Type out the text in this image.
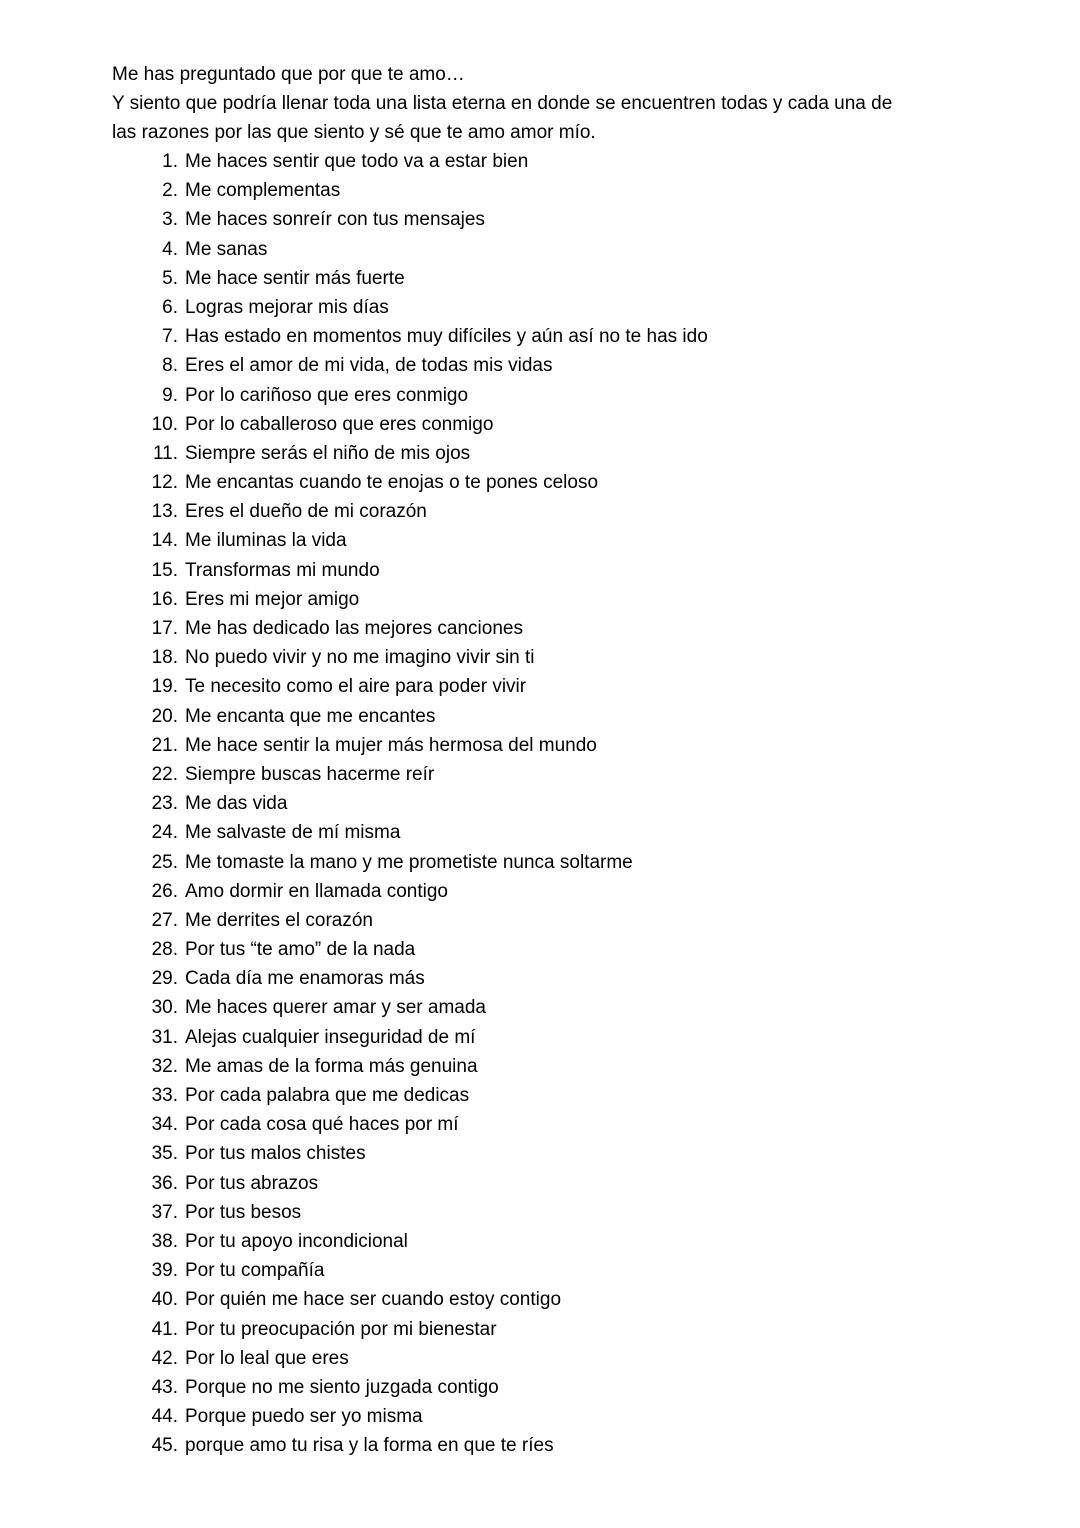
Me has preguntado que por que te amo…

Y siento que podría llenar toda una lista eterna en donde se encuentren todas y cada una de

las razones por las que siento y sé que te amo amor mío.

1. Me haces sentir que todo va a estar bien
2. Me complementas
3. Me haces sonreír con tus mensajes
4. Me sanas
5. Me hace sentir más fuerte
6. Logras mejorar mis días
7. Has estado en momentos muy difíciles y aún así no te has ido
8. Eres el amor de mi vida, de todas mis vidas
9. Por lo cariñoso que eres conmigo
10. Por lo caballeroso que eres conmigo
11. Siempre serás el niño de mis ojos
12. Me encantas cuando te enojas o te pones celoso
13. Eres el dueño de mi corazón
14. Me iluminas la vida
15. Transformas mi mundo
16. Eres mi mejor amigo
17. Me has dedicado las mejores canciones
18. No puedo vivir y no me imagino vivir sin ti
19. Te necesito como el aire para poder vivir
20. Me encanta que me encantes
21. Me hace sentir la mujer más hermosa del mundo
22. Siempre buscas hacerme reír
23. Me das vida
24. Me salvaste de mí misma
25. Me tomaste la mano y me prometiste nunca soltarme
26. Amo dormir en llamada contigo
27. Me derrites el corazón
28. Por tus “te amo” de la nada
29. Cada día me enamoras más
30. Me haces querer amar y ser amada
31. Alejas cualquier inseguridad de mí
32. Me amas de la forma más genuina
33. Por cada palabra que me dedicas
34. Por cada cosa qué haces por mí
35. Por tus malos chistes
36. Por tus abrazos
37. Por tus besos
38. Por tu apoyo incondicional
39. Por tu compañía
40. Por quién me hace ser cuando estoy contigo
41. Por tu preocupación por mi bienestar
42. Por lo leal que eres
43. Porque no me siento juzgada contigo
44. Porque puedo ser yo misma
45. porque amo tu risa y la forma en que te ríes
